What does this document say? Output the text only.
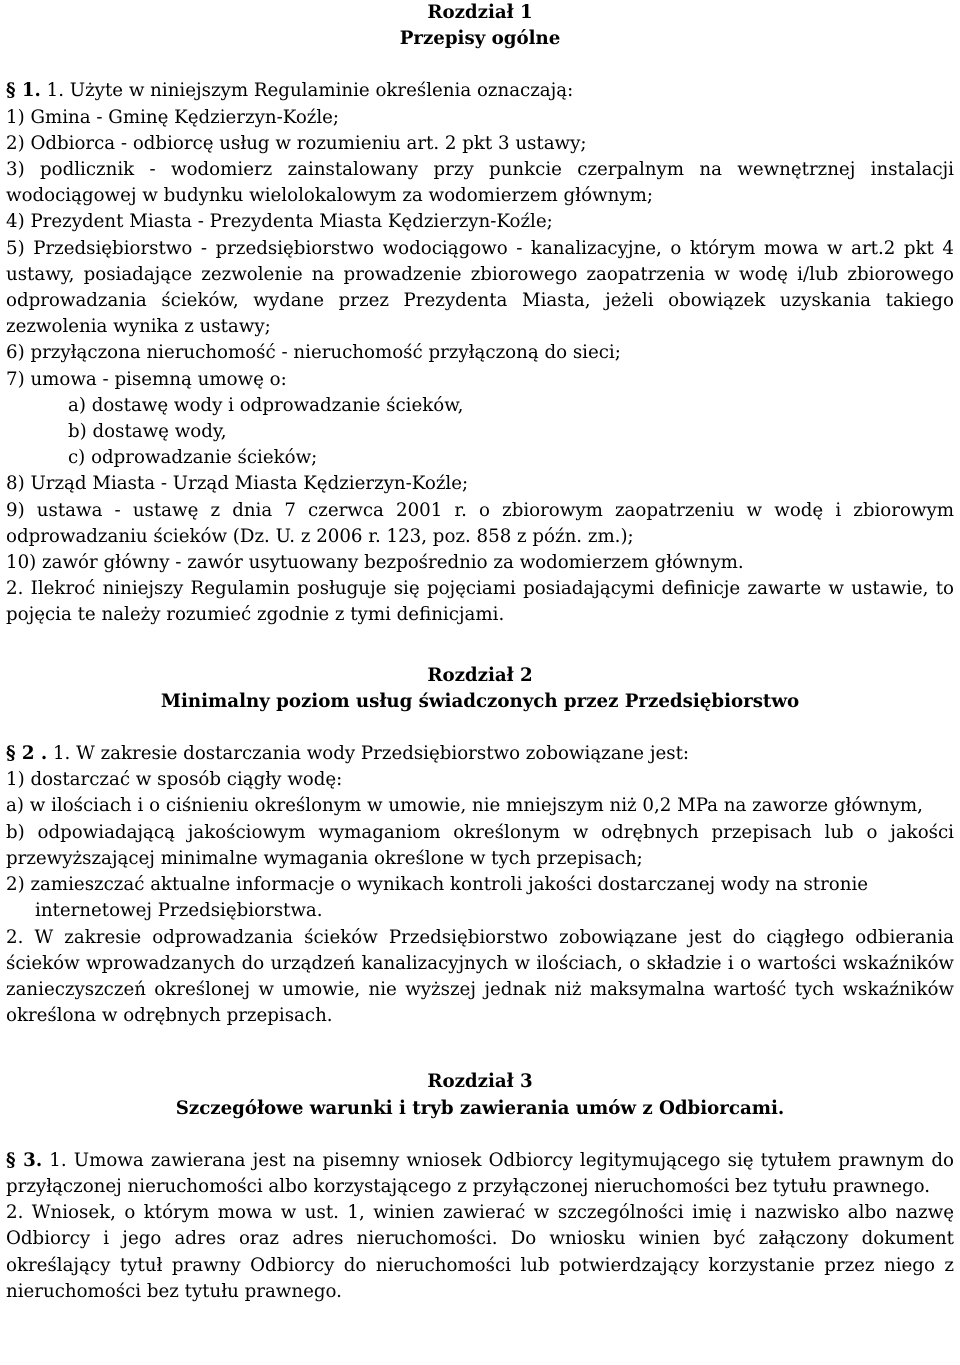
Rozdział 1
Przepisy ogólne
§ 1. 1. Użyte w niniejszym Regulaminie określenia oznaczają:
1) Gmina - Gminę Kędzierzyn-Koźle;
2) Odbiorca - odbiorcę usług w rozumieniu art. 2 pkt 3 ustawy;
3) podlicznik - wodomierz zainstalowany przy punkcie czerpalnym na wewnętrznej instalacji wodociągowej w budynku wielolokalowym za wodomierzem głównym;
4) Prezydent Miasta - Prezydenta Miasta Kędzierzyn-Koźle;
5) Przedsiębiorstwo - przedsiębiorstwo wodociągowo - kanalizacyjne, o którym mowa w art.2 pkt 4 ustawy, posiadające zezwolenie na prowadzenie zbiorowego zaopatrzenia w wodę i/lub zbiorowego odprowadzania ścieków, wydane przez Prezydenta Miasta, jeżeli obowiązek uzyskania takiego zezwolenia wynika z ustawy;
6) przyłączona nieruchomość - nieruchomość przyłączoną do sieci;
7) umowa - pisemną umowę o:
a) dostawę wody i odprowadzanie ścieków,
b) dostawę wody,
c) odprowadzanie ścieków;
8) Urząd Miasta - Urząd Miasta Kędzierzyn-Koźle;
9) ustawa - ustawę z dnia 7 czerwca 2001 r. o zbiorowym zaopatrzeniu w wodę i zbiorowym odprowadzaniu ścieków (Dz. U. z 2006 r. 123, poz. 858 z późn. zm.);
10) zawór główny - zawór usytuowany bezpośrednio za wodomierzem głównym.
2. Ilekroć niniejszy Regulamin posługuje się pojęciami posiadającymi definicje zawarte w ustawie, to pojęcia te należy rozumieć zgodnie z tymi definicjami.
Rozdział 2
Minimalny poziom usług świadczonych przez Przedsiębiorstwo
§ 2 . 1. W zakresie dostarczania wody Przedsiębiorstwo zobowiązane jest:
1) dostarczać w sposób ciągły wodę:
a) w ilościach i o ciśnieniu określonym w umowie, nie mniejszym niż 0,2 MPa na zaworze głównym,
b) odpowiadającą jakościowym wymaganiom określonym w odrębnych przepisach lub o jakości przewyższającej minimalne wymagania określone w tych przepisach;
2) zamieszczać aktualne informacje o wynikach kontroli jakości dostarczanej wody na stronie internetowej Przedsiębiorstwa.
2. W zakresie odprowadzania ścieków Przedsiębiorstwo zobowiązane jest do ciągłego odbierania ścieków wprowadzanych do urządzeń kanalizacyjnych w ilościach, o składzie i o wartości wskaźników zanieczyszczeń określonej w umowie, nie wyższej jednak niż maksymalna wartość tych wskaźników określona w odrębnych przepisach.
Rozdział 3
Szczegółowe warunki i tryb zawierania umów z Odbiorcami.
§ 3. 1. Umowa zawierana jest na pisemny wniosek Odbiorcy legitymującego się tytułem prawnym do przyłączonej nieruchomości albo korzystającego z przyłączonej nieruchomości bez tytułu prawnego.
2. Wniosek, o którym mowa w ust. 1, winien zawierać w szczególności imię i nazwisko albo nazwę Odbiorcy i jego adres oraz adres nieruchomości. Do wniosku winien być załączony dokument określający tytuł prawny Odbiorcy do nieruchomości lub potwierdzający korzystanie przez niego z nieruchomości bez tytułu prawnego.
